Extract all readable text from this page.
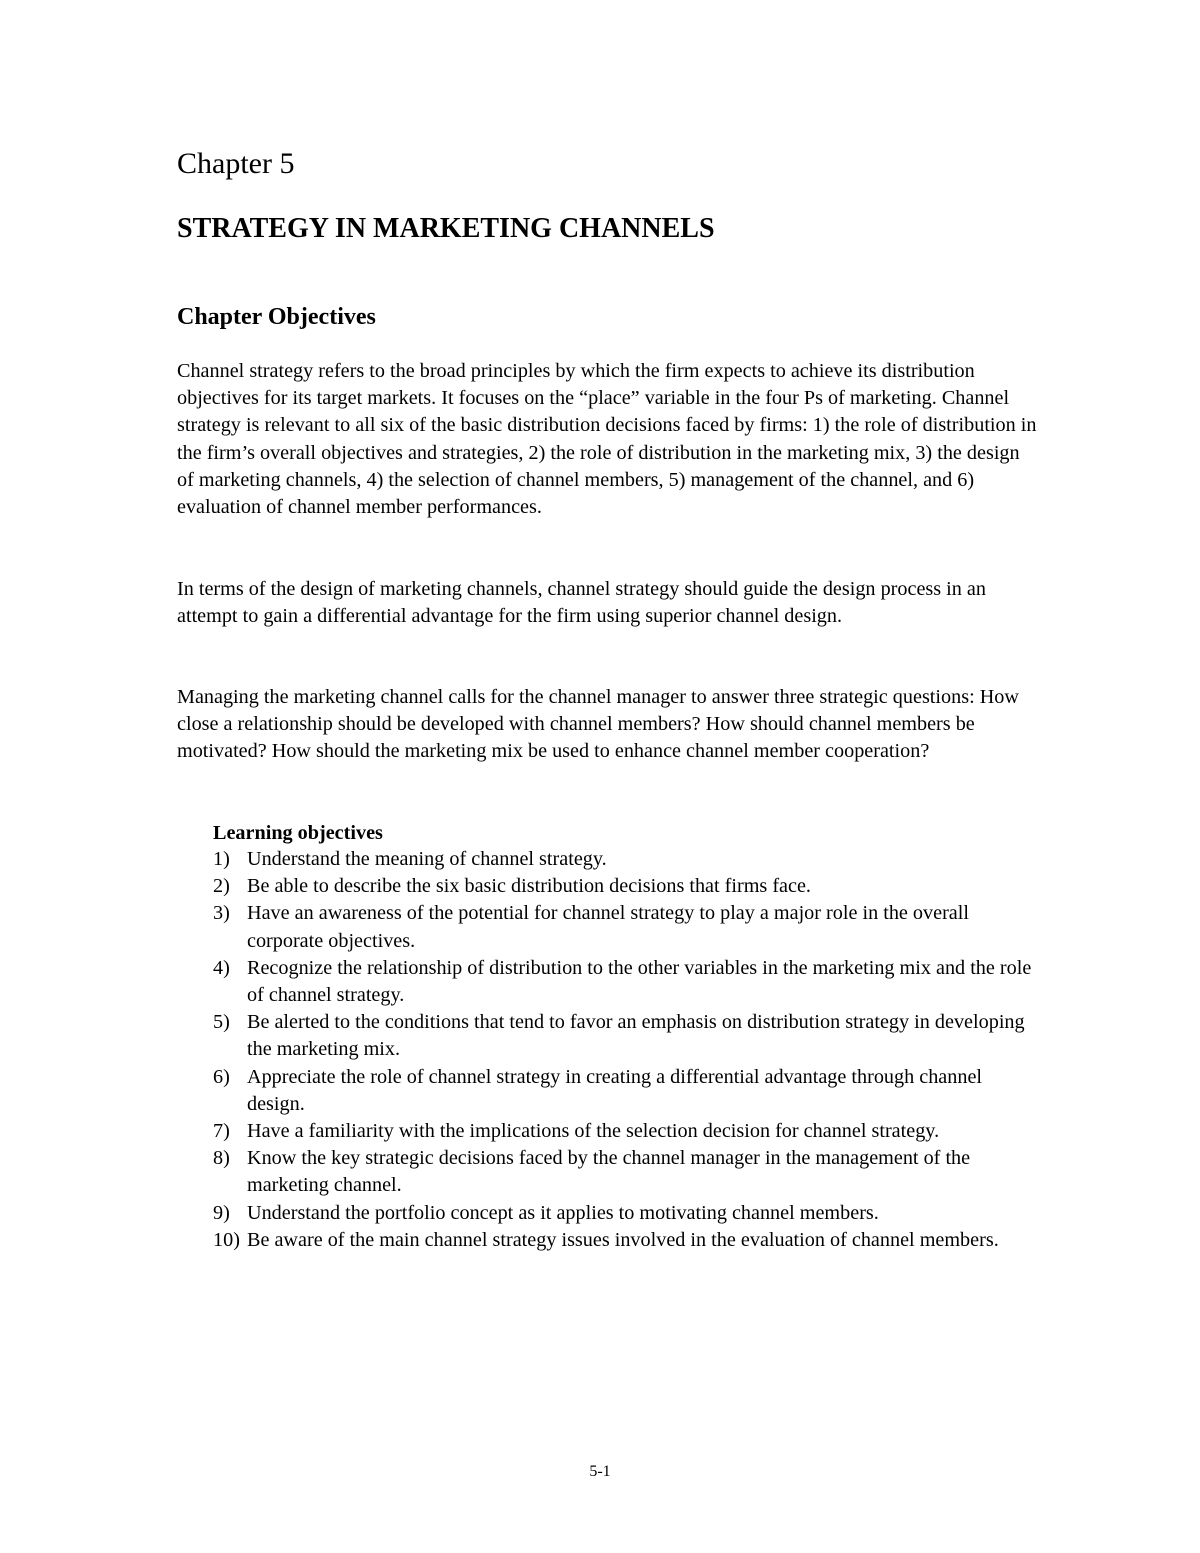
Chapter 5
STRATEGY IN MARKETING CHANNELS
Chapter Objectives

Channel strategy refers to the broad principles by which the firm expects to achieve its distribution objectives for its target markets. It focuses on the “place” variable in the four Ps of marketing. Channel strategy is relevant to all six of the basic distribution decisions faced by firms: 1) the role of distribution in the firm’s overall objectives and strategies, 2) the role of distribution in the marketing mix, 3) the design of marketing channels, 4) the selection of channel members, 5) management of the channel, and 6) evaluation of channel member performances.

In terms of the design of marketing channels, channel strategy should guide the design process in an attempt to gain a differential advantage for the firm using superior channel design.

Managing the marketing channel calls for the channel manager to answer three strategic questions: How close a relationship should be developed with channel members? How should channel members be motivated? How should the marketing mix be used to enhance channel member cooperation?

Learning objectives
1) Understand the meaning of channel strategy.
2) Be able to describe the six basic distribution decisions that firms face.
3) Have an awareness of the potential for channel strategy to play a major role in the overall corporate objectives.
4) Recognize the relationship of distribution to the other variables in the marketing mix and the role of channel strategy.
5) Be alerted to the conditions that tend to favor an emphasis on distribution strategy in developing the marketing mix.
6) Appreciate the role of channel strategy in creating a differential advantage through channel design.
7) Have a familiarity with the implications of the selection decision for channel strategy.
8) Know the key strategic decisions faced by the channel manager in the management of the marketing channel.
9) Understand the portfolio concept as it applies to motivating channel members.
10) Be aware of the main channel strategy issues involved in the evaluation of channel members.

5-1
